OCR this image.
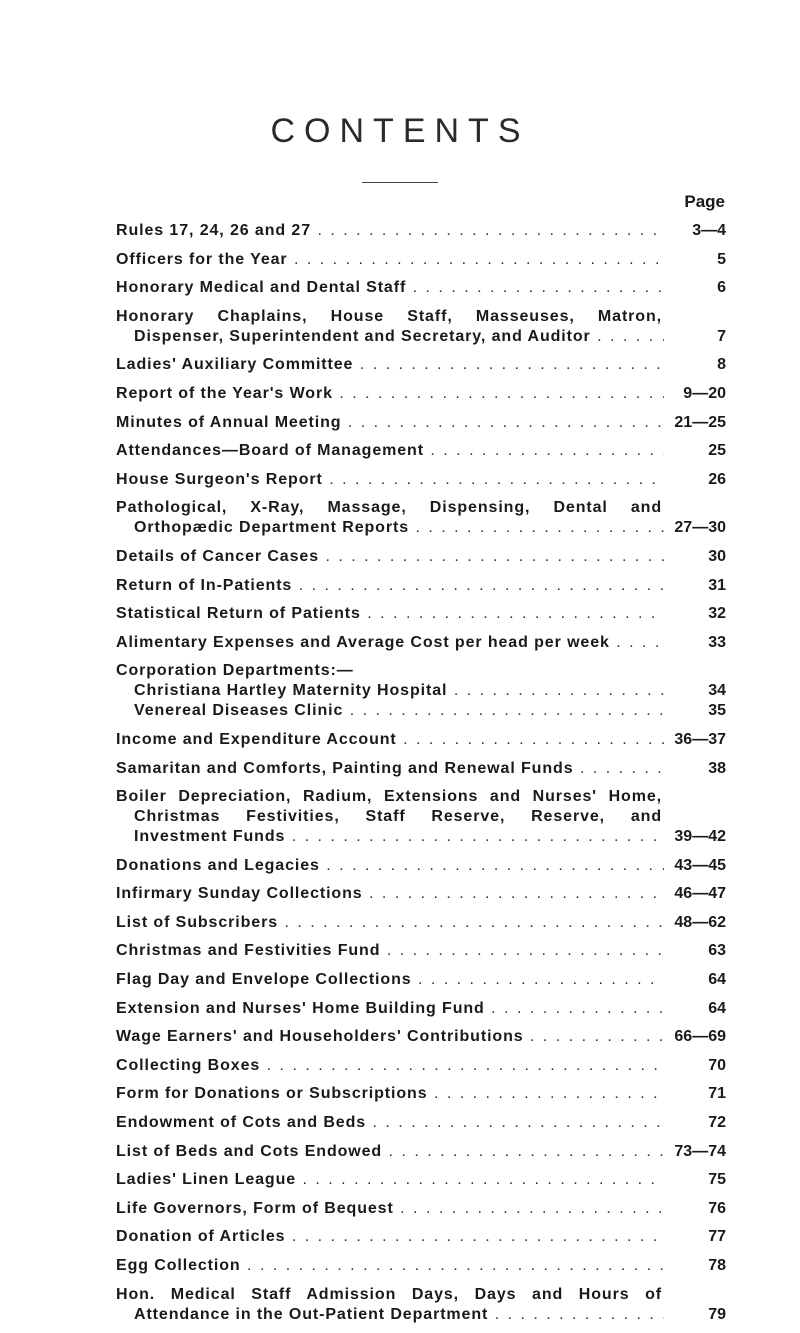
CONTENTS
Page
Rules 17, 24, 26 and 27 . . .	3—4
Officers for the Year . . .	5
Honorary Medical and Dental Staff . . .	6
Honorary Chaplains, House Staff, Masseuses, Matron,
Dispenser, Superintendent and Secretary, and Auditor . . .	7
Ladies' Auxiliary Committee . . .	8
Report of the Year's Work . . .	9—20
Minutes of Annual Meeting . . .	21—25
Attendances—Board of Management . . .	25
House Surgeon's Report . . .	26
Pathological, X-Ray, Massage, Dispensing, Dental and
Orthopædic Department Reports . . .	27—30
Details of Cancer Cases . . .	30
Return of In-Patients . . .	31
Statistical Return of Patients . . .	32
Alimentary Expenses and Average Cost per head per week . . .	33
Corporation Departments:—
Christiana Hartley Maternity Hospital . . .	34
Venereal Diseases Clinic . . .	35
Income and Expenditure Account . . .	36—37
Samaritan and Comforts, Painting and Renewal Funds . . .	38
Boiler Depreciation, Radium, Extensions and Nurses' Home,
Christmas Festivities, Staff Reserve, Reserve, and
Investment Funds . . .	39—42
Donations and Legacies . . .	43—45
Infirmary Sunday Collections . . .	46—47
List of Subscribers . . .	48—62
Christmas and Festivities Fund . . .	63
Flag Day and Envelope Collections . . .	64
Extension and Nurses' Home Building Fund . . .	64
Wage Earners' and Householders' Contributions . . .	66—69
Collecting Boxes . . .	70
Form for Donations or Subscriptions . . .	71
Endowment of Cots and Beds . . .	72
List of Beds and Cots Endowed . . .	73—74
Ladies' Linen League . . .	75
Life Governors, Form of Bequest . . .	76
Donation of Articles . . .	77
Egg Collection . . .	78
Hon. Medical Staff Admission Days, Days and Hours of
Attendance in the Out-Patient Department . . .	79
